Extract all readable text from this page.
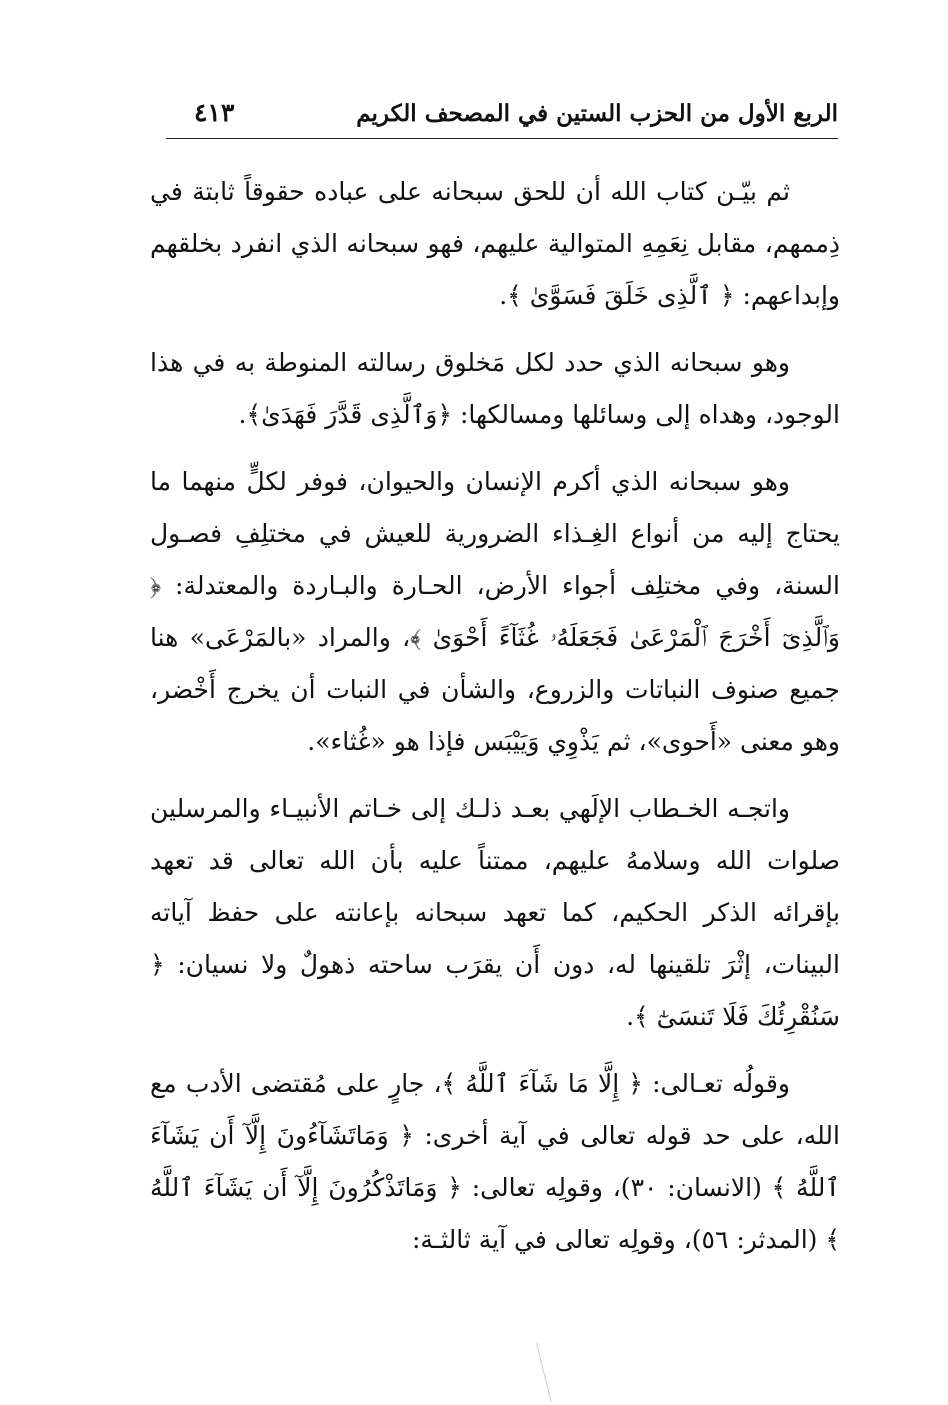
الربع الأول من الحزب الستين في المصحف الكريم
٤١٣

ثم بيّـن كتاب الله أن للحق سبحانه على عباده حقوقاً ثابتة في ذِممهم، مقابل نِعَمِهِ المتوالية عليهم، فهو سبحانه الذي انفرد بخلقهم وإبداعهم: ﴿ ٱلَّذِى خَلَقَ فَسَوَّىٰ ﴾.

وهو سبحانه الذي حدد لكل مَخلوق رسالته المنوطة به في هذا الوجود، وهداه إلى وسائلها ومسالكها: ﴿وَٱلَّذِى قَدَّرَ فَهَدَىٰ﴾.

وهو سبحانه الذي أكرم الإنسان والحيوان، فوفر لكلٍّ منهما ما يحتاج إليه من أنواع الغِـذاء الضرورية للعيش في مختلِفِ فصـول السنة، وفي مختلِف أجواء الأرض، الحـارة والبـاردة والمعتدلة: ﴿ وَٱلَّذِىٓ أَخْرَجَ ٱلْمَرْعَىٰ فَجَعَلَهُۥ غُثَآءً أَحْوَىٰ ﴾، والمراد «بالمَرْعَى» هنا جميع صنوف النباتات والزروع، والشأن في النبات أن يخرج أَخْضر، وهو معنى «أَحوى»، ثم يَذْوِي وَيَيْبَس فإذا هو «غُثاء».

واتجـه الخـطاب الإلَهي بعـد ذلـك إلى خـاتم الأنبيـاء والمرسلين صلوات الله وسلامهُ عليهم، ممتناً عليه بأن الله تعالى قد تعهد بإقرائه الذكر الحكيم، كما تعهد سبحانه بإعانته على حفظ آياته البينات، إثْرَ تلقينها له، دون أَن يقرَب ساحته ذهولٌ ولا نسيان: ﴿ سَنُقْرِئُكَ فَلَا تَنسَىٰٓ ﴾.

وقولُه تعـالى: ﴿ إِلَّا مَا شَآءَ ٱللَّهُ ﴾، جارٍ على مُقتضى الأدب مع الله، على حد قوله تعالى في آية أخرى: ﴿ وَمَاتَشَآءُونَ إِلَّآ أَن يَشَآءَ ٱللَّهُ ﴾ (الانسان: ٣٠)، وقولِه تعالى: ﴿ وَمَاتَذْكُرُونَ إِلَّآ أَن يَشَآءَ ٱللَّهُ ﴾ (المدثر: ٥٦)، وقولِه تعالى في آية ثالثـة:
